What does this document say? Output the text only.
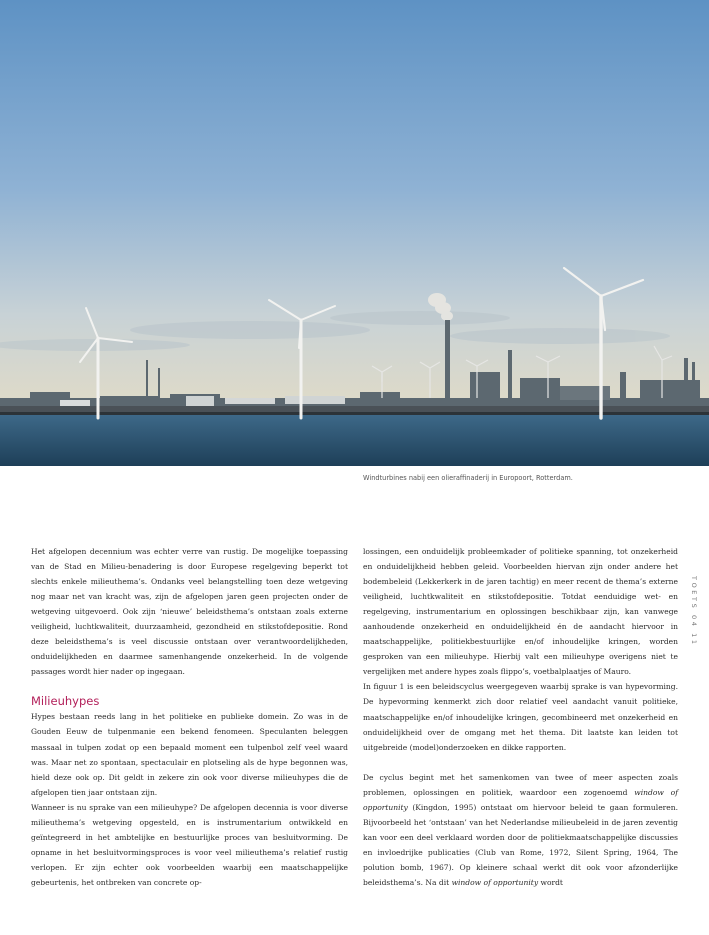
Windturbines nabij een olieraffinaderij in Europoort, Rotterdam.
TOETS 04 11

Het afgelopen decennium was echter verre van rustig. De mogelijke toepassing van de Stad en Milieu-benadering is door Europese regelgeving beperkt tot slechts enkele milieuthema’s. Ondanks veel belangstelling toen deze wetgeving nog maar net van kracht was, zijn de afgelopen jaren geen projecten onder de wetgeving uitgevoerd. Ook zijn ‘nieuwe’ beleidsthema’s ontstaan zoals externe veiligheid, luchtkwaliteit, duurzaamheid, gezondheid en stikstofdepositie. Rond deze beleidsthema’s is veel discussie ontstaan over verantwoordelijkheden, onduidelijkheden en daarmee samenhangende onzekerheid. In de volgende passages wordt hier nader op ingegaan.

Milieuhypes

Hypes bestaan reeds lang in het politieke en publieke domein. Zo was in de Gouden Eeuw de tulpenmanie een bekend fenomeen. Speculanten beleggen massaal in tulpen zodat op een bepaald moment een tulpenbol zelf veel waard was. Maar net zo spontaan, spectaculair en plotseling als de hype begonnen was, hield deze ook op. Dit geldt in zekere zin ook voor diverse milieuhypes die de afgelopen tien jaar ontstaan zijn.

Wanneer is nu sprake van een milieuhype? De afgelopen decennia is voor diverse milieuthema’s wetgeving opgesteld, en is instrumentarium ontwikkeld en geïntegreerd in het ambtelijke en bestuurlijke proces van besluitvorming. De opname in het besluitvormingsproces is voor veel milieuthema’s relatief rustig verlopen. Er zijn echter ook voorbeelden waarbij een maatschappelijke gebeurtenis, het ontbreken van concrete op-

lossingen, een onduidelijk probleemkader of politieke spanning, tot onzekerheid en onduidelijkheid hebben geleid. Voorbeelden hiervan zijn onder andere het bodembeleid (Lekkerkerk in de jaren tachtig) en meer recent de thema’s externe veiligheid, luchtkwaliteit en stikstofdepositie. Totdat eenduidige wet- en regelgeving, instrumentarium en oplossingen beschikbaar zijn, kan vanwege aanhoudende onzekerheid en onduidelijkheid én de aandacht hiervoor in maatschappelijke, politiekbestuurlijke en/of inhoudelijke kringen, worden gesproken van een milieuhype. Hierbij valt een milieuhype overigens niet te vergelijken met andere hypes zoals flippo’s, voetbalplaatjes of Mauro.

In figuur 1 is een beleidscyclus weergegeven waarbij sprake is van hypevorming. De hypevorming kenmerkt zich door relatief veel aandacht vanuit politieke, maatschappelijke en/of inhoudelijke kringen, gecombineerd met onzekerheid en onduidelijkheid over de omgang met het thema. Dit laatste kan leiden tot uitgebreide (model)onderzoeken en dikke rapporten.

De cyclus begint met het samenkomen van twee of meer aspecten zoals problemen, oplossingen en politiek, waardoor een zogenoemd window of opportunity (Kingdon, 1995) ontstaat om hiervoor beleid te gaan formuleren. Bijvoorbeeld het ‘ontstaan’ van het Nederlandse milieubeleid in de jaren zeventig kan voor een deel verklaard worden door de politiekmaatschappelijke discussies en invloedrijke publicaties (Club van Rome, 1972, Silent Spring, 1964, The polution bomb, 1967). Op kleinere schaal werkt dit ook voor afzonderlijke beleidsthema’s. Na dit window of opportunity wordt
